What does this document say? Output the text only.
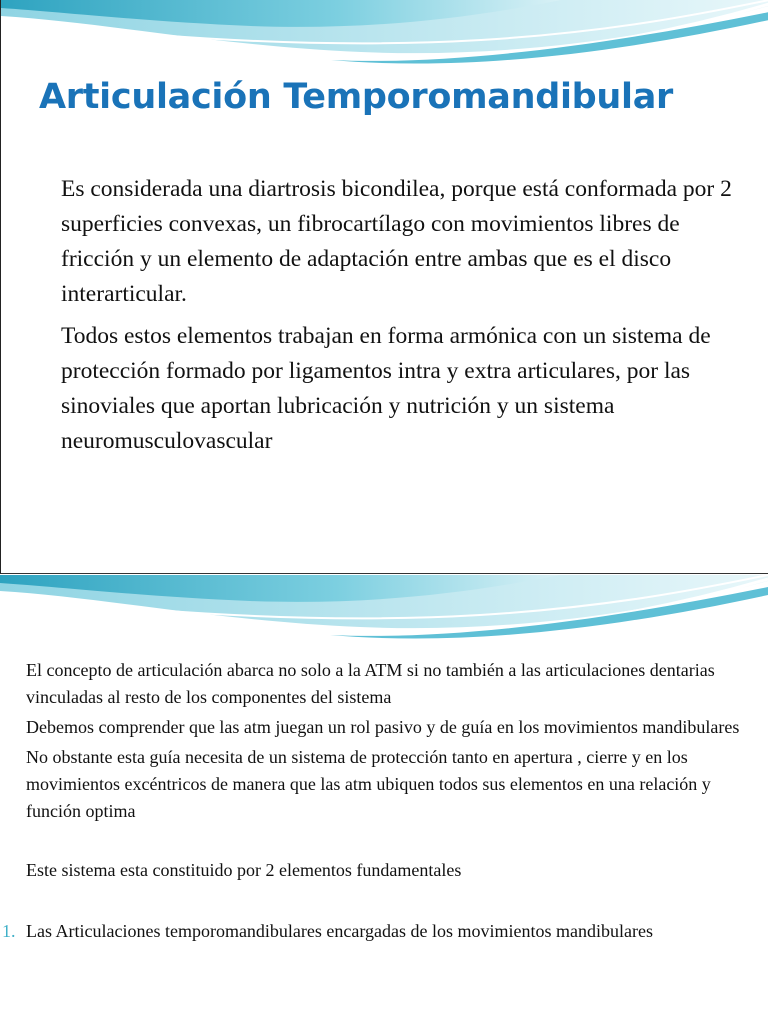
Articulación Temporomandibular

Es considerada una diartrosis bicondilea, porque está conformada por 2 superficies convexas, un fibrocartílago con movimientos libres de fricción y un elemento de adaptación entre ambas que es el disco interarticular.

Todos estos elementos trabajan en forma armónica con un sistema de protección formado por ligamentos intra y extra articulares, por las sinoviales que aportan lubricación y nutrición y un sistema neuromusculovascular

El concepto de articulación abarca no solo a la ATM si no también a las articulaciones dentarias vinculadas al resto de los componentes del sistema

Debemos comprender que las atm juegan un rol pasivo y de guía en los movimientos mandibulares

No obstante esta guía necesita de un sistema de protección tanto en apertura , cierre y en los movimientos excéntricos de manera que las atm ubiquen todos sus elementos en una relación y función optima

Este sistema esta constituido por 2 elementos fundamentales

1. Las Articulaciones temporomandibulares encargadas de los movimientos mandibulares
